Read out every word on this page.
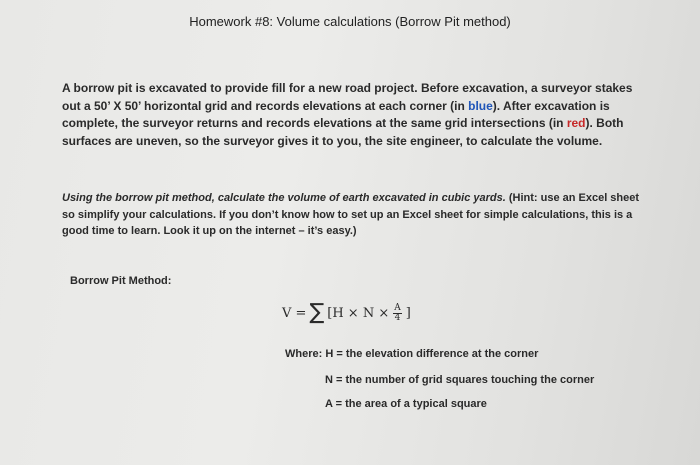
Homework #8: Volume calculations (Borrow Pit method)
A borrow pit is excavated to provide fill for a new road project. Before excavation, a surveyor stakes out a 50’ X 50’ horizontal grid and records elevations at each corner (in blue). After excavation is complete, the surveyor returns and records elevations at the same grid intersections (in red). Both surfaces are uneven, so the surveyor gives it to you, the site engineer, to calculate the volume.
Using the borrow pit method, calculate the volume of earth excavated in cubic yards. (Hint: use an Excel sheet so simplify your calculations. If you don’t know how to set up an Excel sheet for simple calculations, this is a good time to learn. Look it up on the internet – it’s easy.)
Borrow Pit Method:
V = ∑ [$H \times N \times \frac{A}{4}$ ]
Where: H = the elevation difference at the corner
N = the number of grid squares touching the corner
A = the area of a typical square
